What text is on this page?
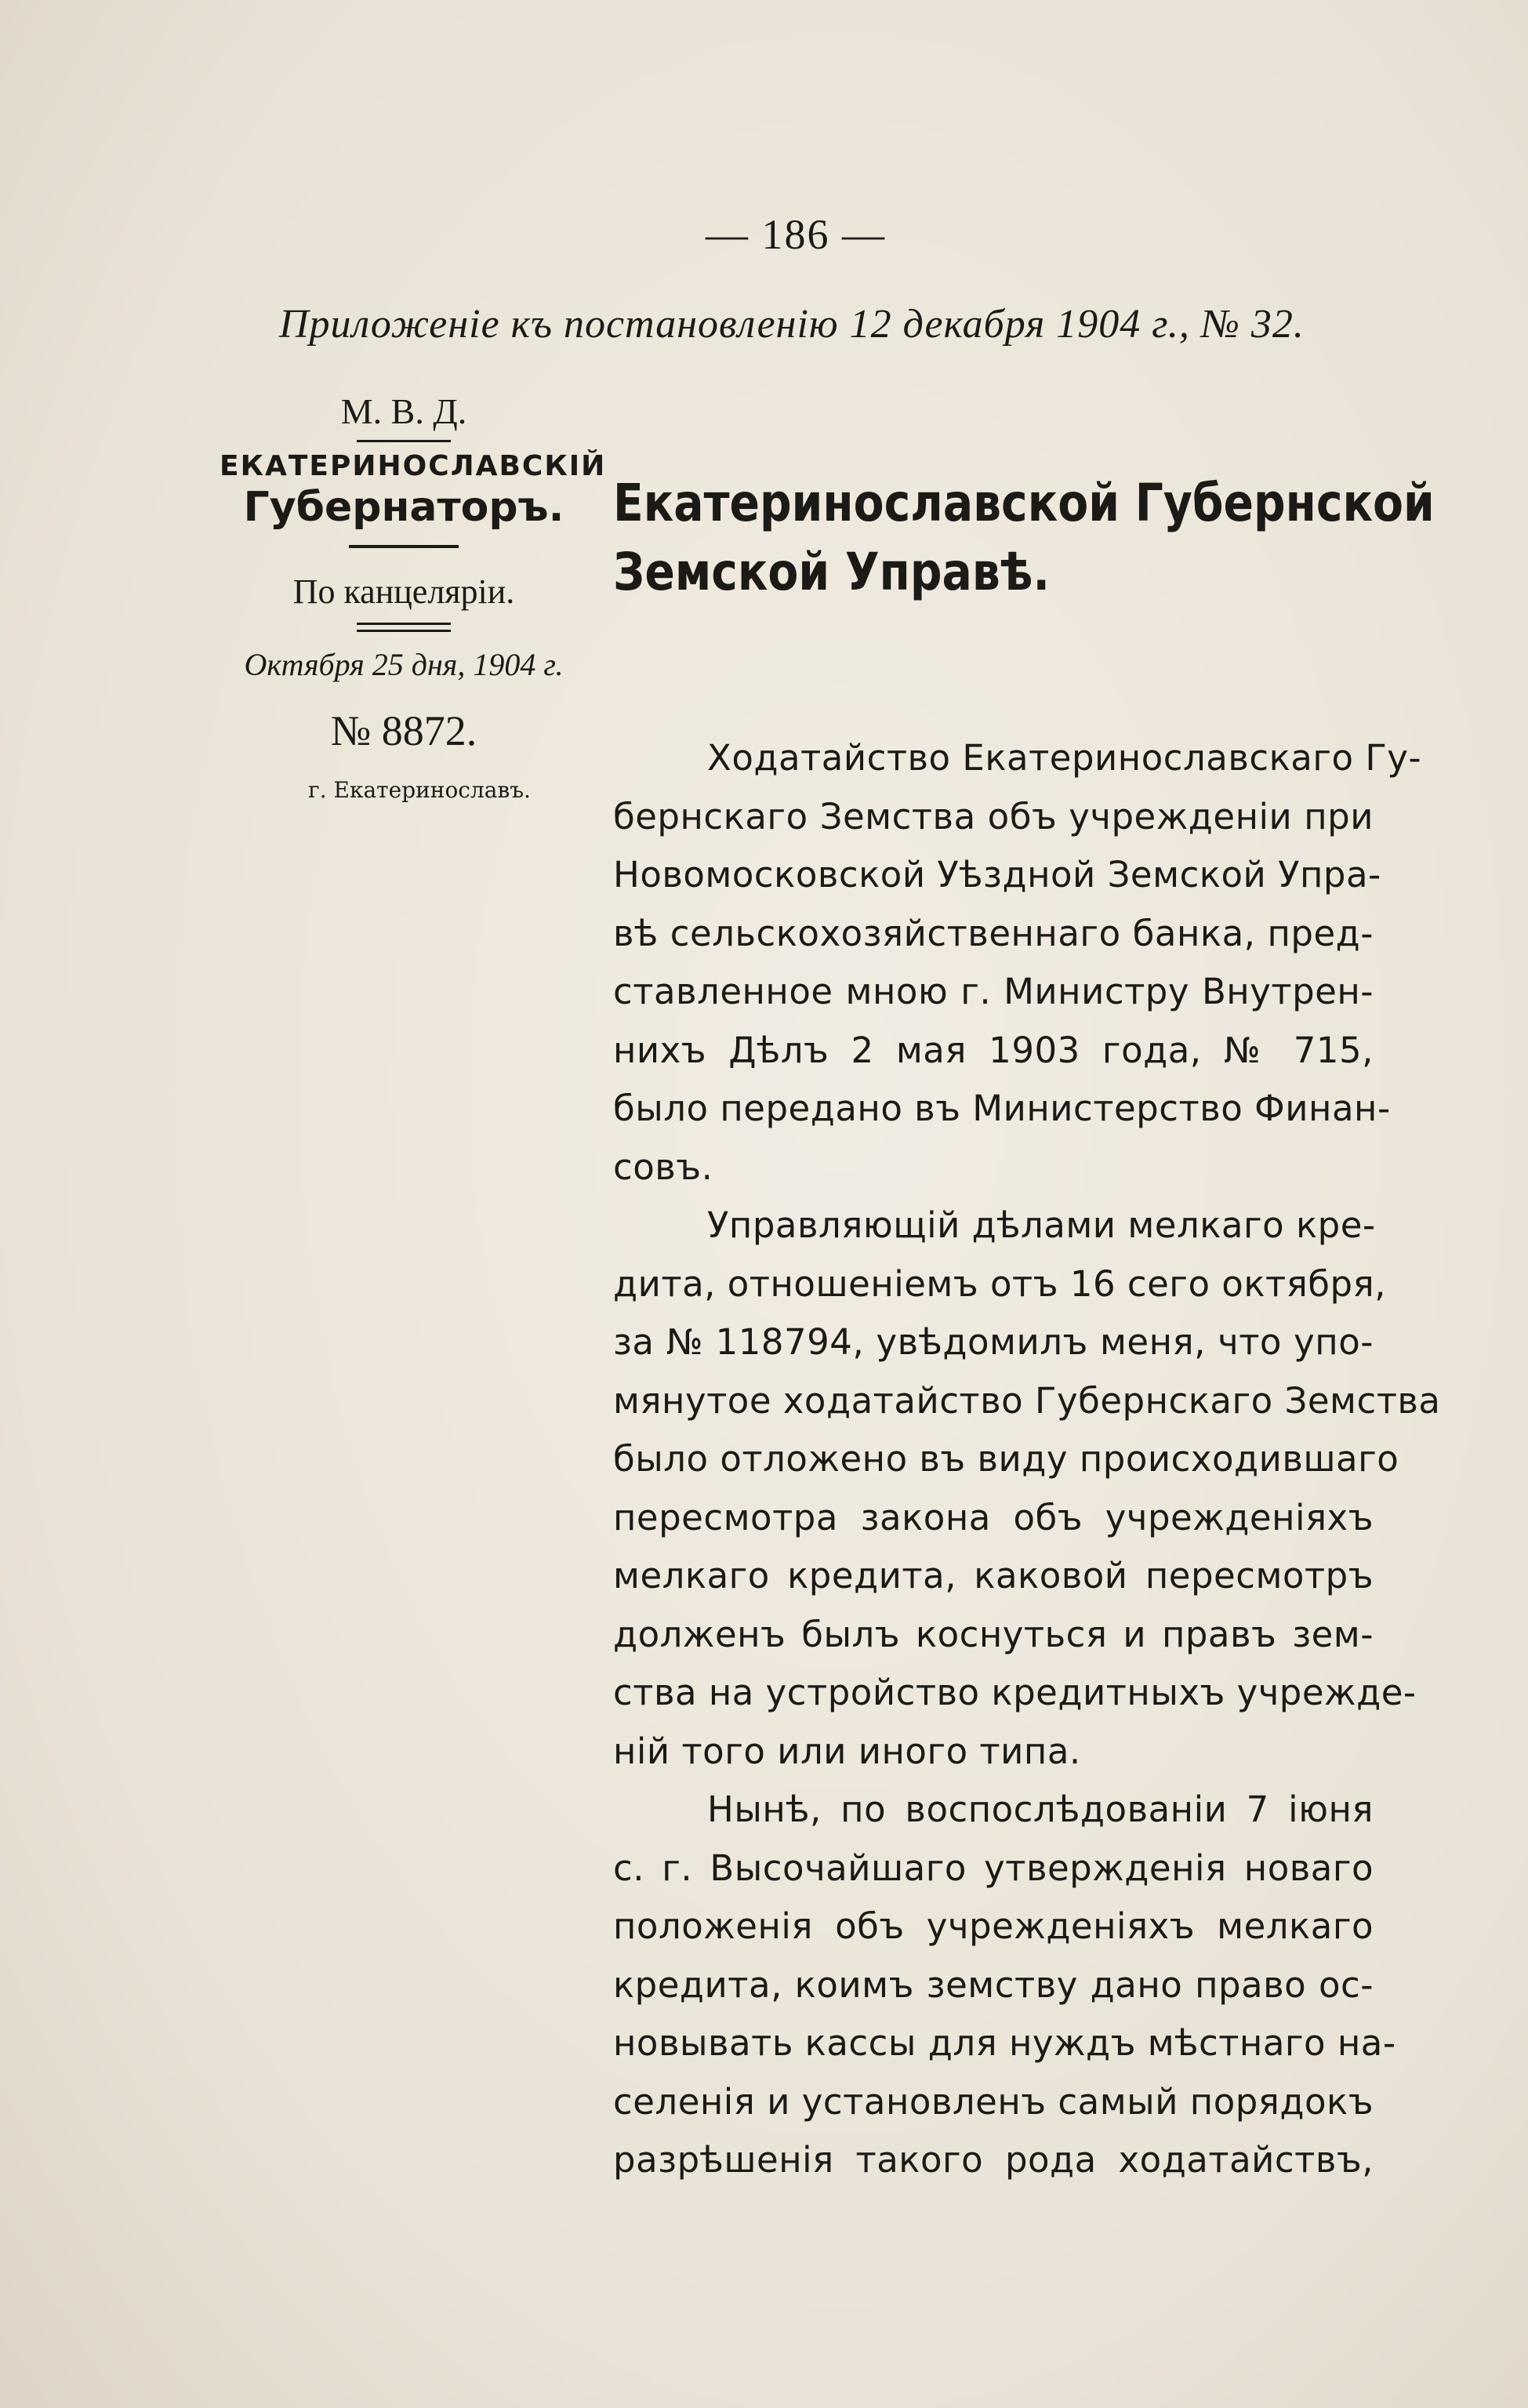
— 186 —
Приложенiе къ постановленiю 12 декабря 1904 г., № 32.
М. В. Д.
ЕКАТЕРИНОСЛАВСКIЙ
Губернаторъ.
По канцелярiи.
Октября 25 дня, 1904 г.
№ 8872.
г. Екатеринославъ.
Екатеринославской Губернской
Земской Управѣ.
Ходатайство Екатеринославскаго Гу-
бернскаго Земства объ учрежденiи при
Новомосковской Уѣздной Земской Упра-
вѣ сельскохозяйственнаго банка, пред-
ставленное мною г. Министру Внутрен-
нихъ Дѣлъ 2 мая 1903 года, № 715,
было передано въ Министерство Финан-
совъ.
Управляющiй дѣлами мелкаго кре-
дита, отношенiемъ отъ 16 сего октября,
за № 118794, увѣдомилъ меня, что упо-
мянутое ходатайство Губернскаго Земства
было отложено въ виду происходившаго
пересмотра закона объ учрежденiяхъ
мелкаго кредита, каковой пересмотръ
долженъ былъ коснуться и правъ зем-
ства на устройство кредитныхъ учрежде-
нiй того или иного типа.
Нынѣ, по воспослѣдованiи 7 iюня
с. г. Высочайшаго утвержденiя новаго
положенiя объ учрежденiяхъ мелкаго
кредита, коимъ земству дано право ос-
новывать кассы для нуждъ мѣстнаго на-
селенiя и установленъ самый порядокъ
разрѣшенiя такого рода ходатайствъ,
